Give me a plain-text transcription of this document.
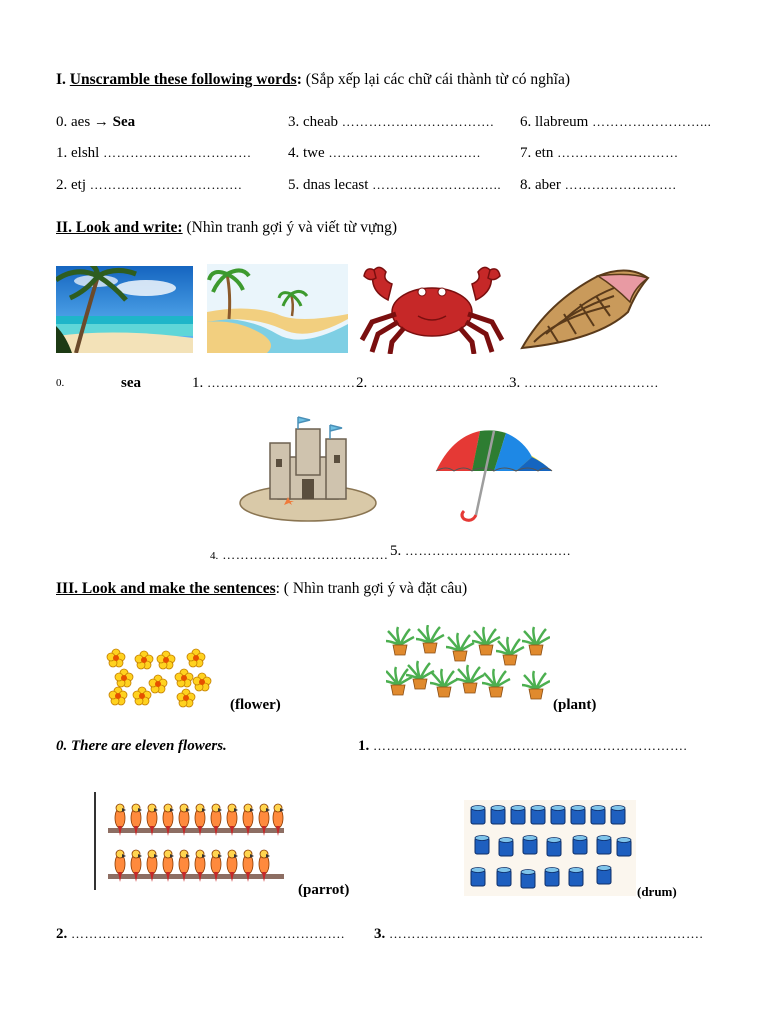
I. Unscramble these following words: (Sắp xếp lại các chữ cái thành từ có nghĩa)
0. aes → Sea
1. elshl ……………………………
2. etj …………………………….
3. cheab …………………………….
4. twe …………………………….
5. dnas lecast ………………………..
6. llabreum ……………………...
7. etn ………………………
8. aber …………………….
II. Look and write: (Nhìn tranh gợi ý và viết từ vựng)
0.	sea	1. …………………………… 2. …………………………. 3. …………………………
4. ………………………………. 5. ……………………………….
III. Look and make the sentences: ( Nhìn tranh gợi ý và đặt câu)
(flower)	(plant)
0. There are eleven flowers.	1. …………………………………………………………….
(parrot)	(drum)
2. ……………………………………………………. 3. …………………………………………………………….
